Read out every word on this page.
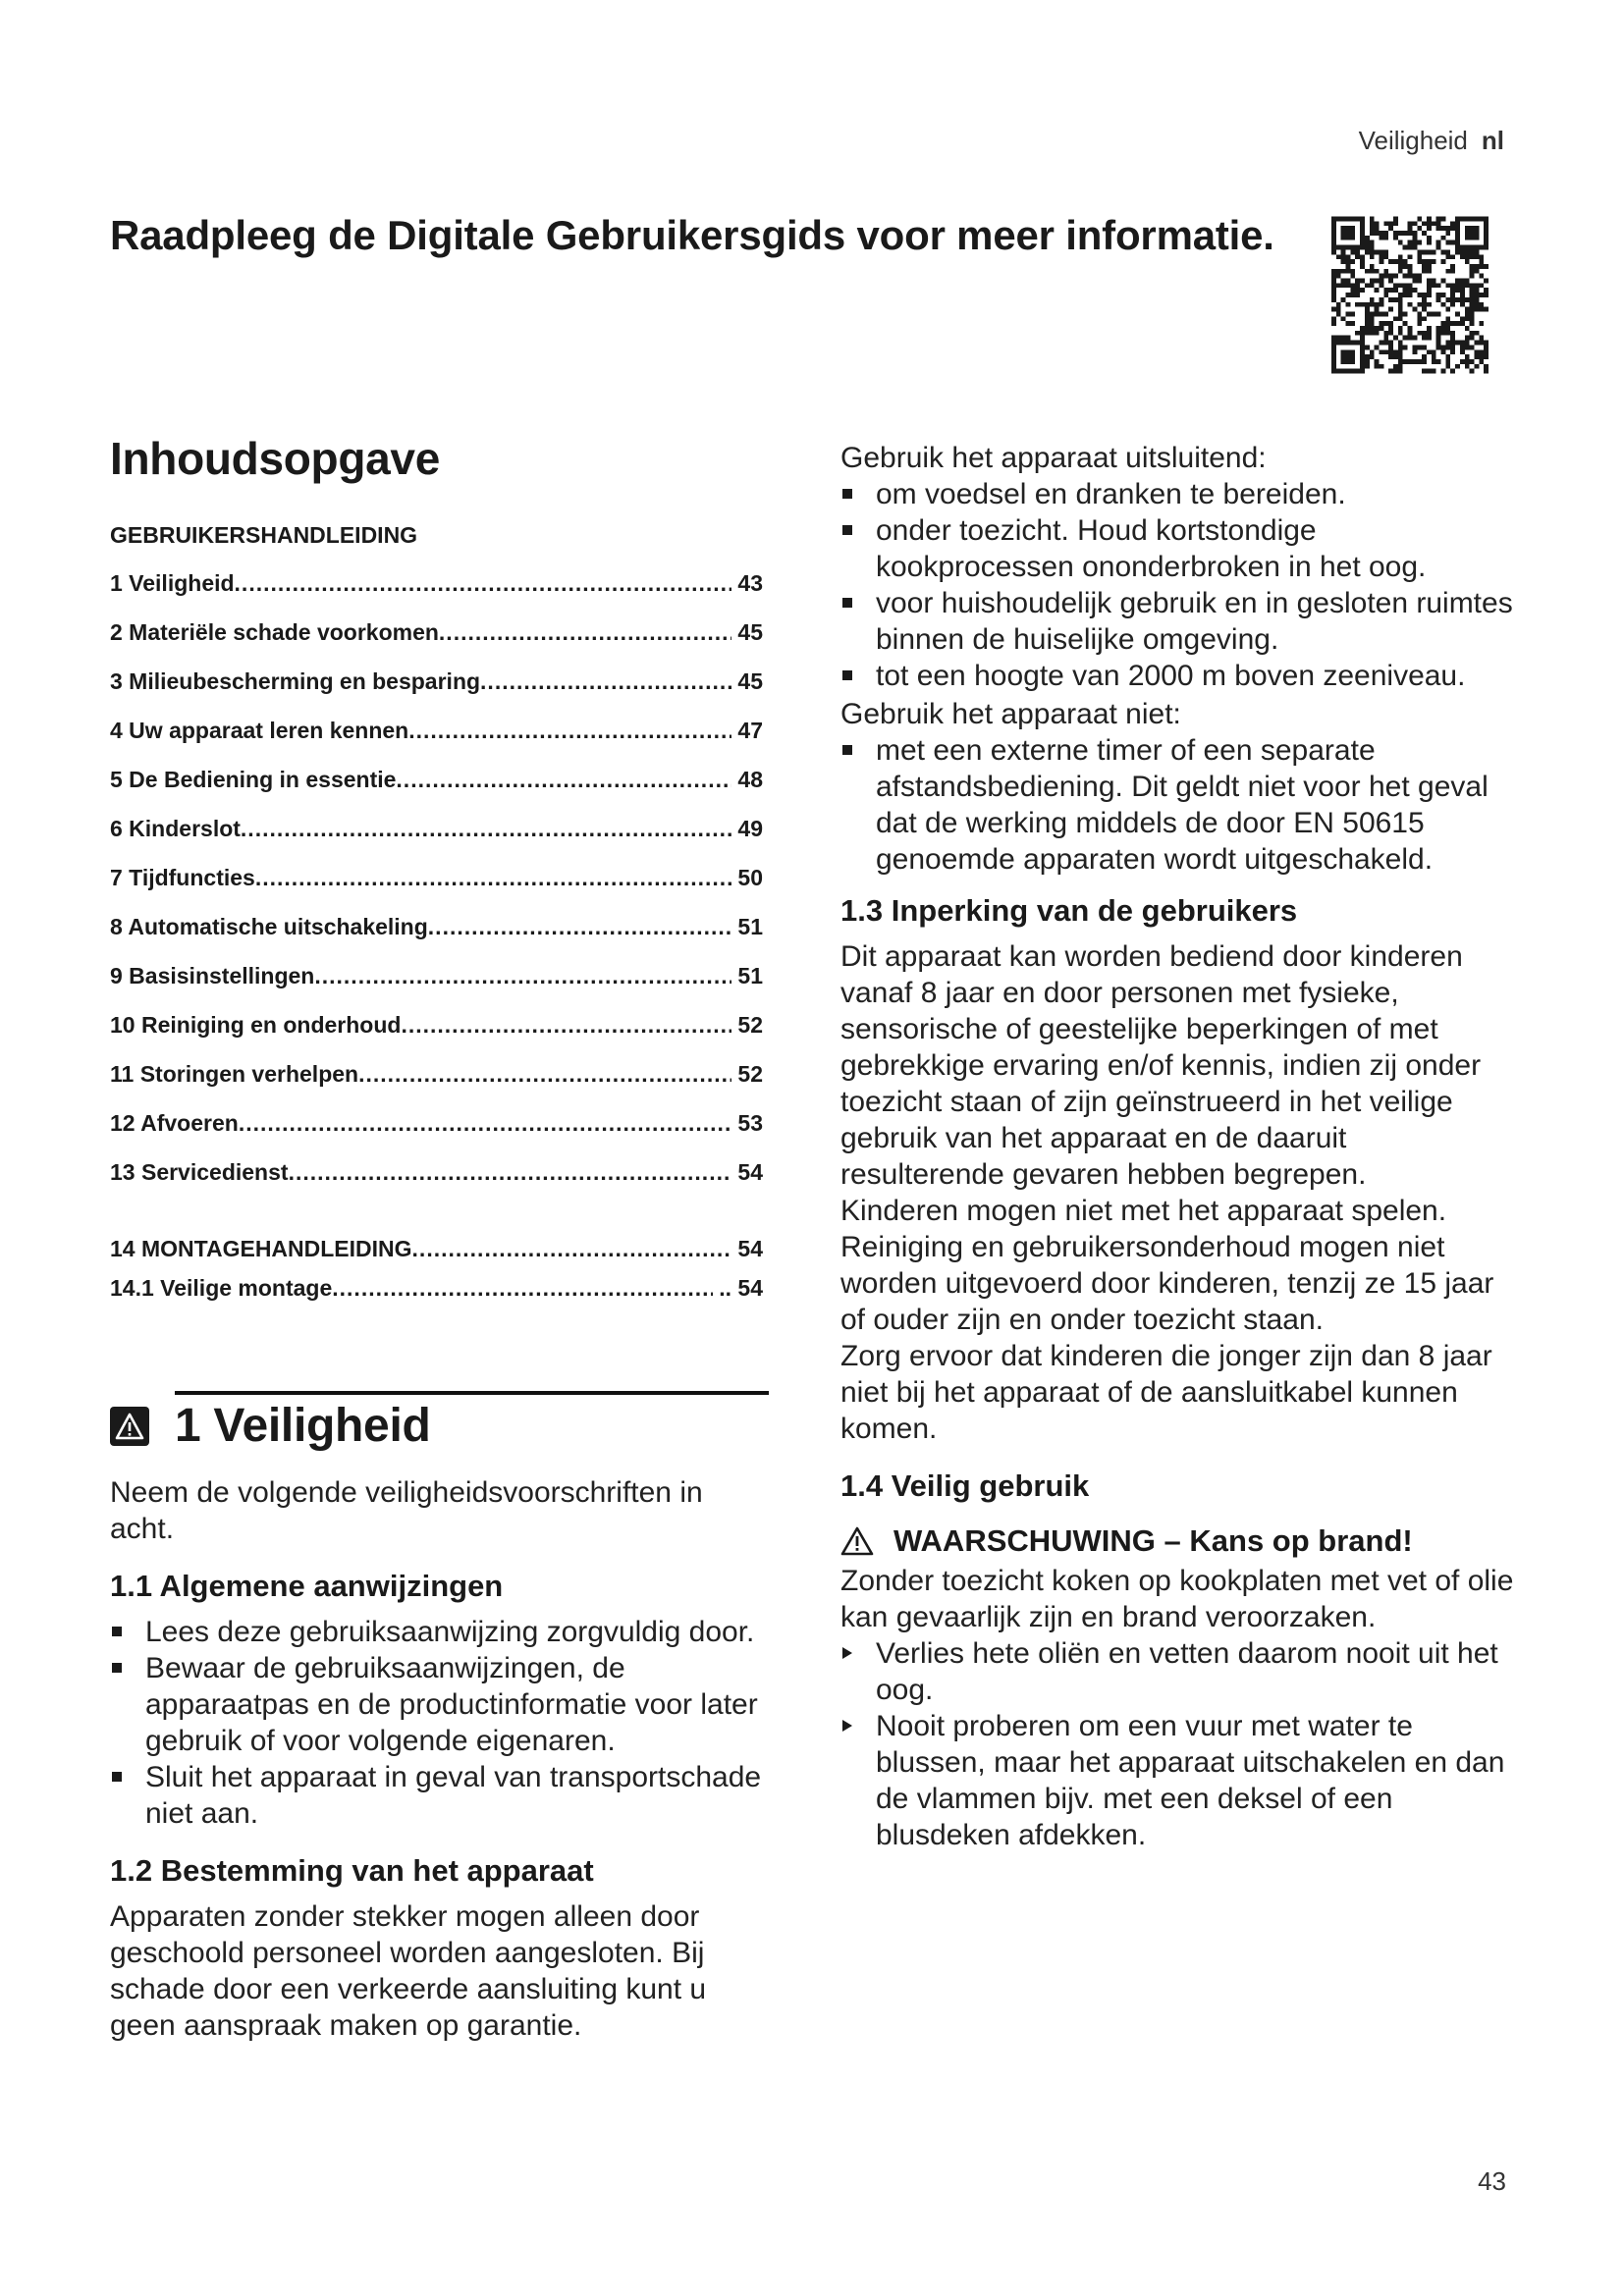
Veiligheid nl
Raadpleeg de Digitale Gebruikersgids voor meer informatie.
Inhoudsopgave
GEBRUIKERSHANDLEIDING
1 Veiligheid .....	43
2 Materiële schade voorkomen .....	45
3 Milieubescherming en besparing .....	45
4 Uw apparaat leren kennen .....	47
5 De Bediening in essentie .....	48
6 Kinderslot .....	49
7 Tijdfuncties .....	50
8 Automatische uitschakeling .....	51
9 Basisinstellingen .....	51
10 Reiniging en onderhoud .....	52
11 Storingen verhelpen .....	52
12 Afvoeren .....	53
13 Servicedienst .....	54
14 MONTAGEHANDLEIDING .....	54
14.1 Veilige montage .....	.. 54
1 Veiligheid
Neem de volgende veiligheidsvoorschriften in acht.
1.1 Algemene aanwijzingen
Lees deze gebruiksaanwijzing zorgvuldig door.
Bewaar de gebruiksaanwijzingen, de apparaatpas en de productinformatie voor later gebruik of voor volgende eigenaren.
Sluit het apparaat in geval van transportschade niet aan.
1.2 Bestemming van het apparaat
Apparaten zonder stekker mogen alleen door geschoold personeel worden aangesloten. Bij schade door een verkeerde aansluiting kunt u geen aanspraak maken op garantie.
Gebruik het apparaat uitsluitend:
om voedsel en dranken te bereiden.
onder toezicht. Houd kortstondige kookprocessen ononderbroken in het oog.
voor huishoudelijk gebruik en in gesloten ruimtes binnen de huiselijke omgeving.
tot een hoogte van 2000 m boven zeeniveau.
Gebruik het apparaat niet:
met een externe timer of een separate afstandsbediening. Dit geldt niet voor het geval dat de werking middels de door EN 50615 genoemde apparaten wordt uitgeschakeld.
1.3 Inperking van de gebruikers
Dit apparaat kan worden bediend door kinderen vanaf 8 jaar en door personen met fysieke, sensorische of geestelijke beperkingen of met gebrekkige ervaring en/of kennis, indien zij onder toezicht staan of zijn geïnstrueerd in het veilige gebruik van het apparaat en de daaruit resulterende gevaren hebben begrepen.
Kinderen mogen niet met het apparaat spelen.
Reiniging en gebruikersonderhoud mogen niet worden uitgevoerd door kinderen, tenzij ze 15 jaar of ouder zijn en onder toezicht staan.
Zorg ervoor dat kinderen die jonger zijn dan 8 jaar niet bij het apparaat of de aansluitkabel kunnen komen.
1.4 Veilig gebruik
WAARSCHUWING – Kans op brand!
Zonder toezicht koken op kookplaten met vet of olie kan gevaarlijk zijn en brand veroorzaken.
Verlies hete oliën en vetten daarom nooit uit het oog.
Nooit proberen om een vuur met water te blussen, maar het apparaat uitschakelen en dan de vlammen bijv. met een deksel of een blusdeken afdekken.
43
